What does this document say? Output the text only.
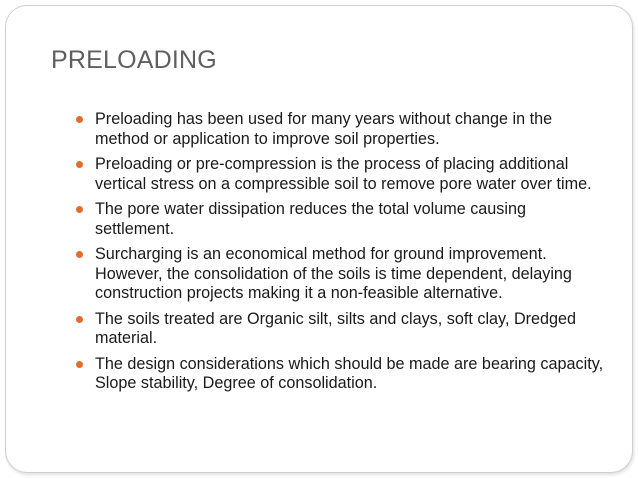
PRELOADING
Preloading has been used for many years without change in the method or application to improve soil properties.
Preloading or pre-compression is the process of placing additional vertical stress on a compressible soil to remove pore water over time.
The pore water dissipation reduces the total volume causing settlement.
Surcharging is an economical method for ground improvement. However, the consolidation of the soils is time dependent, delaying construction projects making it a non-feasible alternative.
The soils treated are Organic silt, silts and clays, soft clay, Dredged material.
The design considerations which should be made are bearing capacity, Slope stability, Degree of consolidation.
